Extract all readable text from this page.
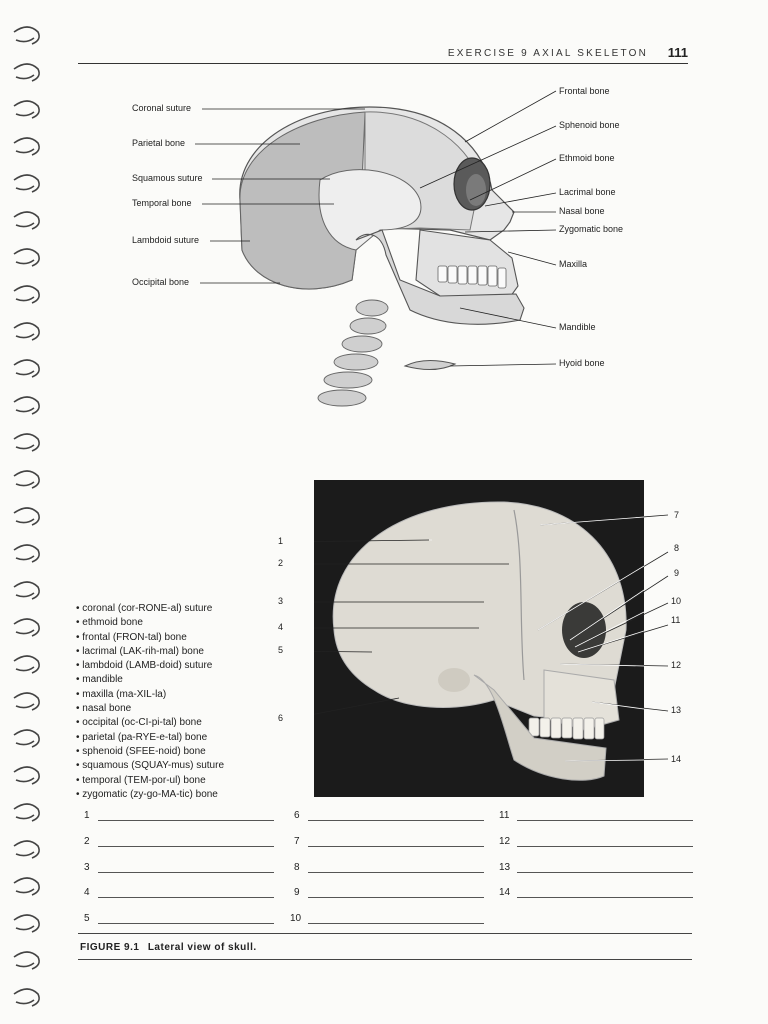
EXERCISE 9 AXIAL SKELETON 111
Coronal suture
Parietal bone
Squamous suture
Temporal bone
Lambdoid suture
Occipital bone
Frontal bone
Sphenoid bone
Ethmoid bone
Lacrimal bone
Nasal bone
Zygomatic bone
Maxilla
Mandible
Hyoid bone
1
2
3
4
5
6
7
8
9
10
11
12
13
14
• coronal (cor-RONE-al) suture
• ethmoid bone
• frontal (FRON-tal) bone
• lacrimal (LAK-rih-mal) bone
• lambdoid (LAMB-doid) suture
• mandible
• maxilla (ma-XIL-la)
• nasal bone
• occipital (oc-CI-pi-tal) bone
• parietal (pa-RYE-e-tal) bone
• sphenoid (SFEE-noid) bone
• squamous (SQUAY-mus) suture
• temporal (TEM-por-ul) bone
• zygomatic (zy-go-MA-tic) bone
1
2
3
4
5
6
7
8
9
10
11
12
13
14
FIGURE 9.1 Lateral view of skull.
